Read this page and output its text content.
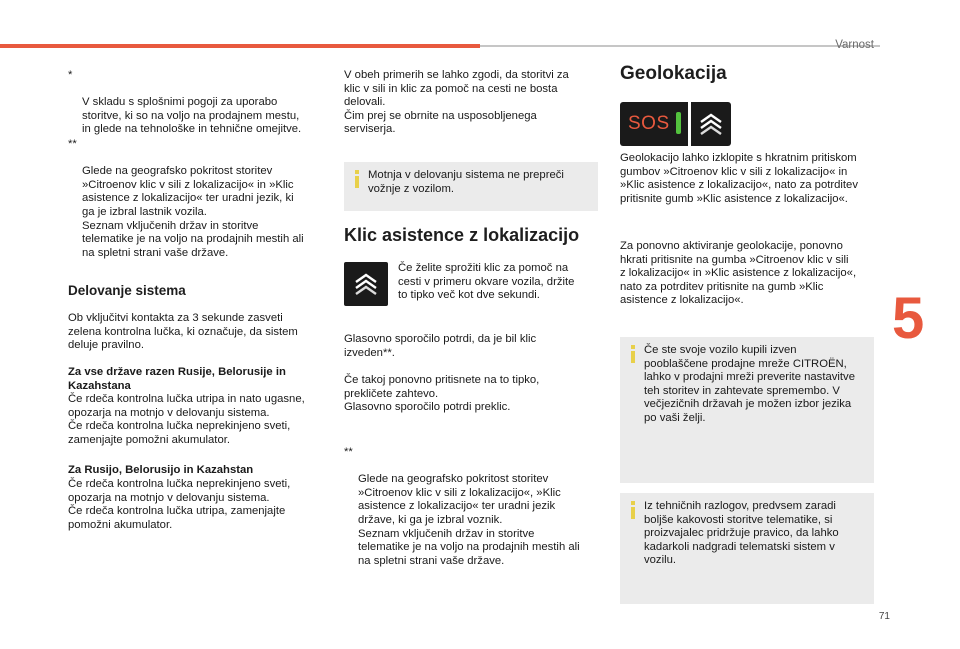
Varnost
5
71

*

V skladu s splošnimi pogoji za uporabo
storitve, ki so na voljo na prodajnem mestu,
in glede na tehnološke in tehnične omejitve.

**

Glede na geografsko pokritost storitev
»Citroenov klic v sili z lokalizacijo« in »Klic
asistence z lokalizacijo« ter uradni jezik, ki
ga je izbral lastnik vozila.
Seznam vključenih držav in storitve
telematike je na voljo na prodajnih mestih ali
na spletni strani vaše države.

Delovanje sistema
Ob vključitvi kontakta za 3 sekunde zasveti
zelena kontrolna lučka, ki označuje, da sistem
deluje pravilno.
Za vse države razen Rusije, Belorusije in
Kazahstana
Če rdeča kontrolna lučka utripa in nato ugasne,
opozarja na motnjo v delovanju sistema.
Če rdeča kontrolna lučka neprekinjeno sveti,
zamenjajte pomožni akumulator.
Za Rusijo, Belorusijo in Kazahstan
Če rdeča kontrolna lučka neprekinjeno sveti,
opozarja na motnjo v delovanju sistema.
Če rdeča kontrolna lučka utripa, zamenjajte
pomožni akumulator.
V obeh primerih se lahko zgodi, da storitvi za
klic v sili in klic za pomoč na cesti ne bosta
delovali.
Čim prej se obrnite na usposobljenega
serviserja.
Motnja v delovanju sistema ne prepreči
vožnje z vozilom.
Klic asistence z lokalizacijo
Če želite sprožiti klic za pomoč na
cesti v primeru okvare vozila, držite
to tipko več kot dve sekundi.
Glasovno sporočilo potrdi, da je bil klic
izveden**.
Če takoj ponovno pritisnete na to tipko,
prekličete zahtevo.
Glasovno sporočilo potrdi preklic.

**

Glede na geografsko pokritost storitev
»Citroenov klic v sili z lokalizacijo«, »Klic
asistence z lokalizacijo« ter uradni jezik
države, ki ga je izbral voznik.
Seznam vključenih držav in storitve
telematike je na voljo na prodajnih mestih ali
na spletni strani vaše države.

Geolokacija
SOS
Geolokacijo lahko izklopite s hkratnim pritiskom
gumbov »Citroenov klic v sili z lokalizacijo« in
»Klic asistence z lokalizacijo«, nato za potrditev
pritisnite gumb »Klic asistence z lokalizacijo«.
Za ponovno aktiviranje geolokacije, ponovno
hkrati pritisnite na gumba »Citroenov klic v sili
z lokalizacijo« in »Klic asistence z lokalizacijo«,
nato za potrditev pritisnite na gumb »Klic
asistence z lokalizacijo«.
Če ste svoje vozilo kupili izven
pooblaščene prodajne mreže CITROËN,
lahko v prodajni mreži preverite nastavitve
teh storitev in zahtevate spremembo. V
večjezičnih državah je možen izbor jezika
po vaši želji.
Iz tehničnih razlogov, predvsem zaradi
boljše kakovosti storitve telematike, si
proizvajalec pridržuje pravico, da lahko
kadarkoli nadgradi telematski sistem v
vozilu.
